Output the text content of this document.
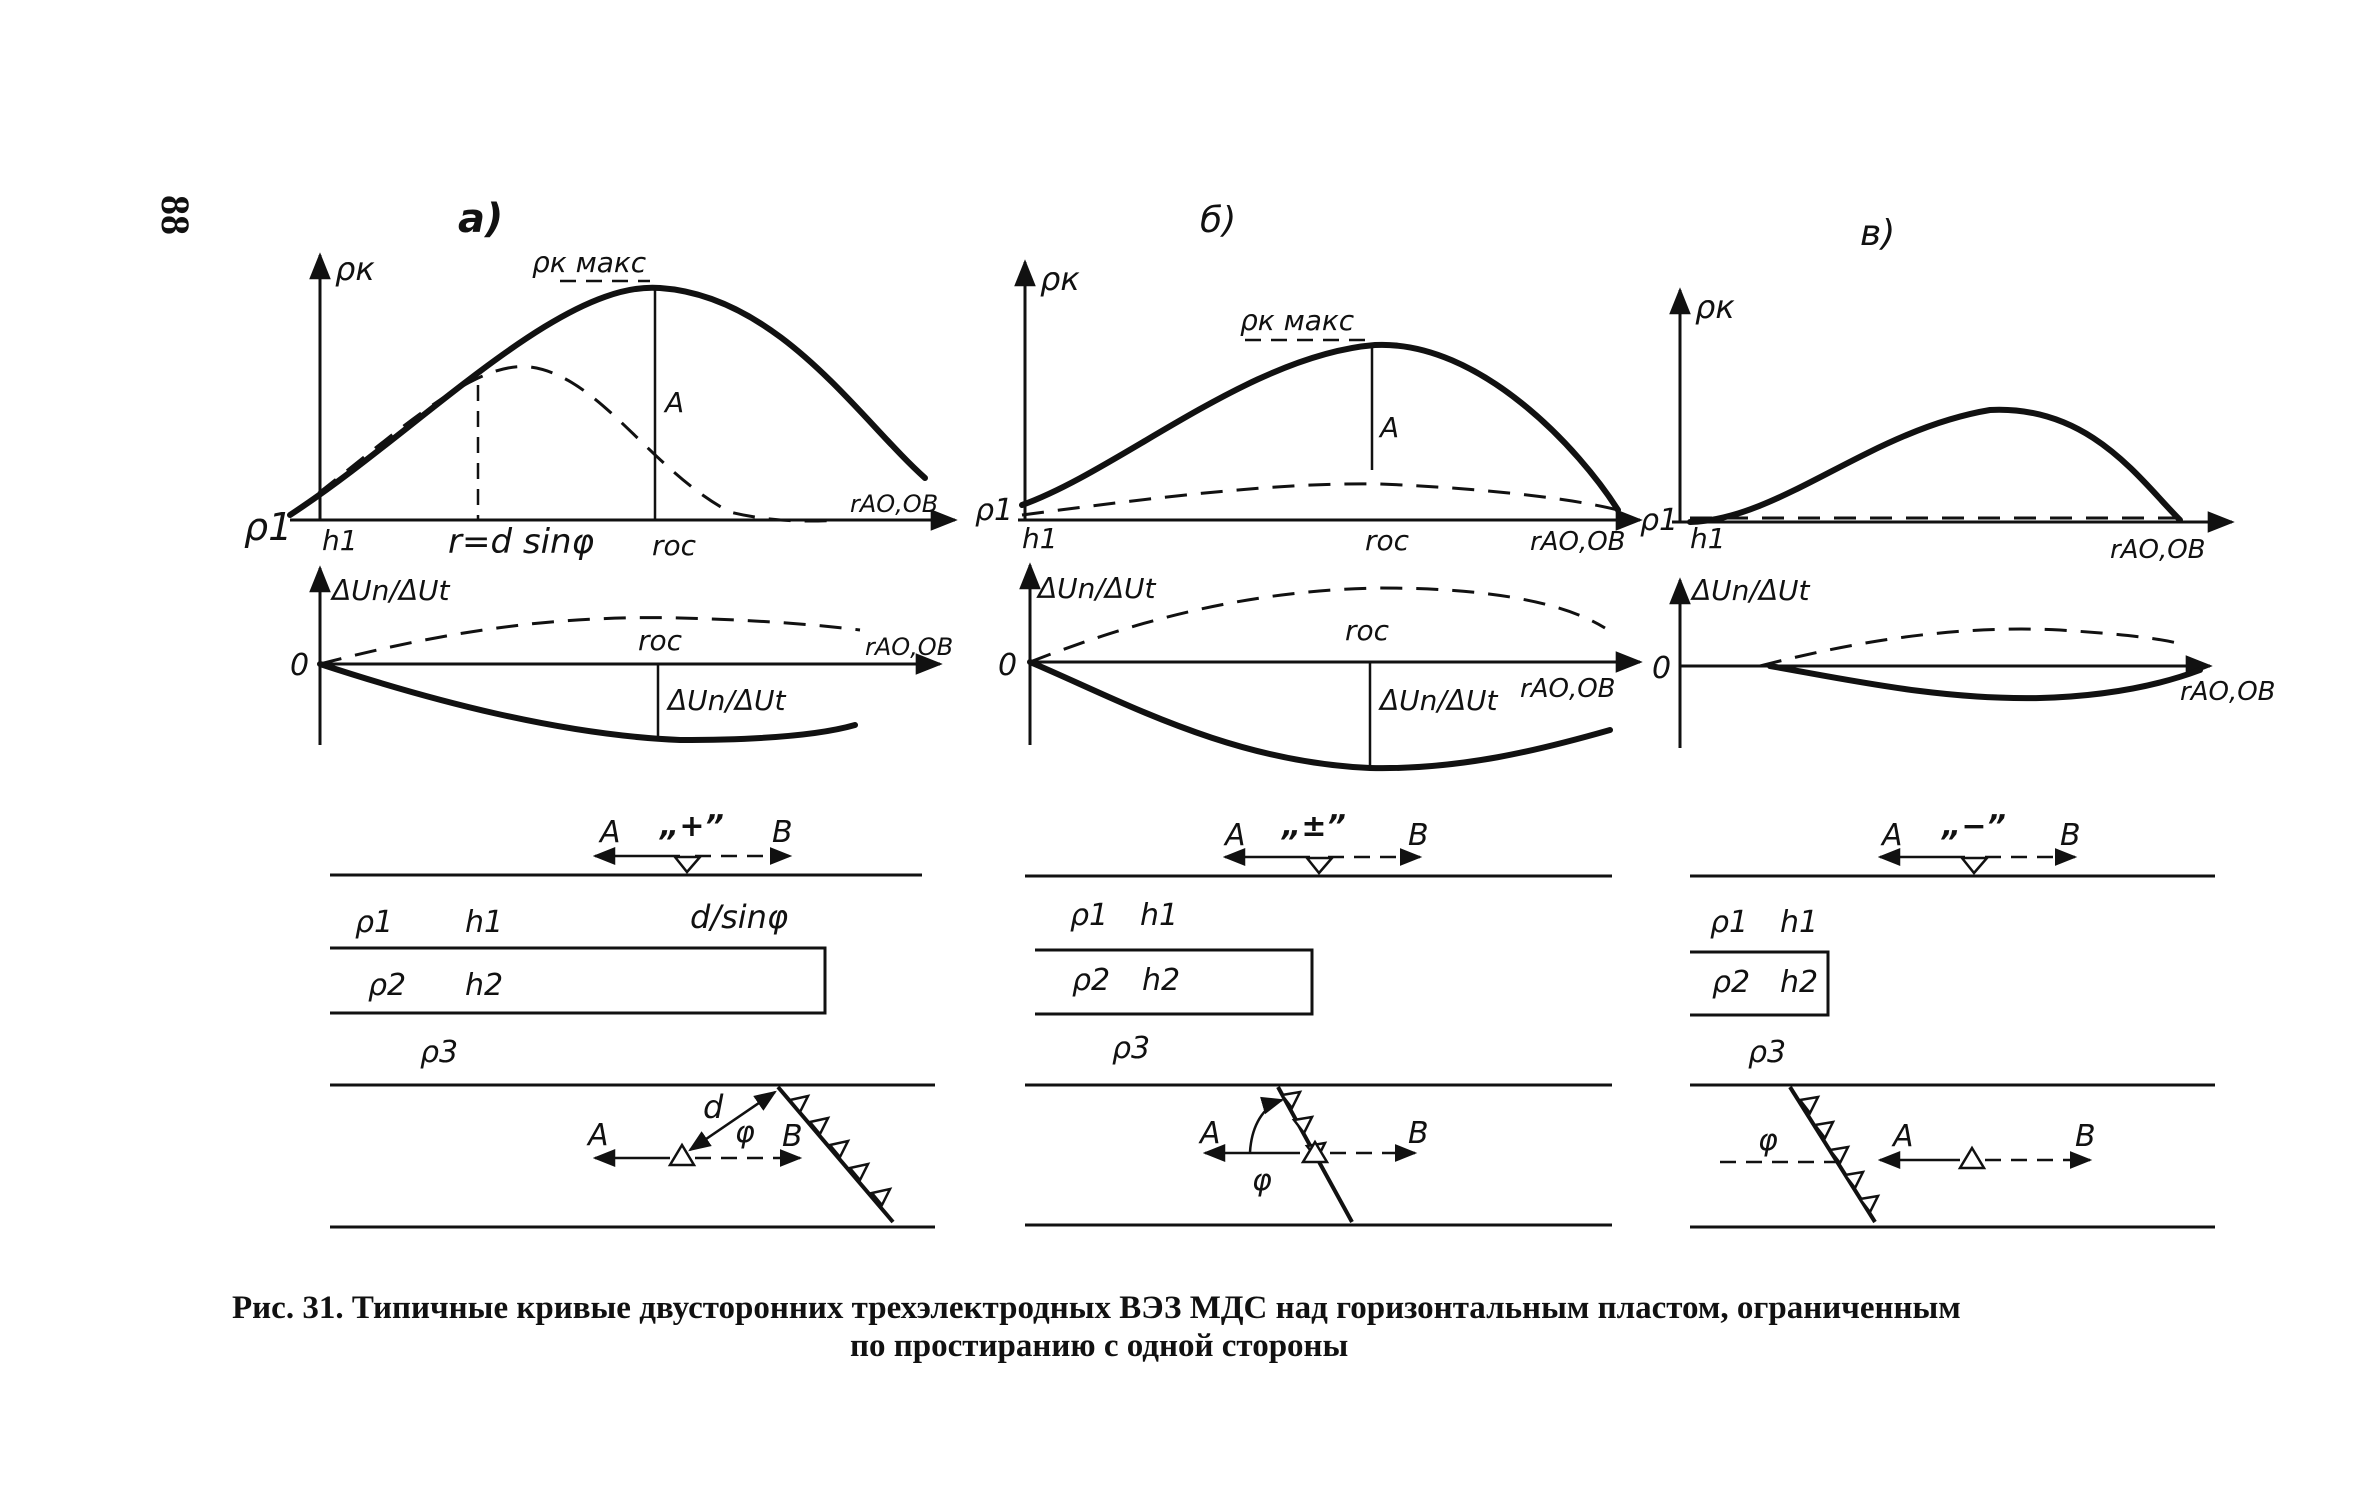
88	a)
ρк	ρк макс
A
ρ1 h1	r=d sinφ rос
rАО,ОВ
ΔUn/ΔUt
0
rос	rАО,ОВ
ΔUn/ΔUt
„+”
A	B
ρ1 h1	d/sinφ
ρ2 h2
ρ3
A	B
d
φ
б)
ρк
ρк макс
A
ρ1
h1	rос	rАО,ОВ
ΔUn/ΔUt
0
rос
rАО,ОВ
ΔUn/ΔUt
„±”
A	B
ρ1 h1
ρ2 h2
ρ3
A	B
φ
в)
ρк
ρ1
h1	rАО,ОВ
ΔUn/ΔUt
0
rАО,ОВ
„−”
A	B
ρ1 h1
ρ2 h2
ρ3
A	B
φ
Рис. 31. Типичные кривые двусторонних трехэлектродных ВЭЗ МДС над горизонтальным пластом, ограниченным
по простиранию с одной стороны
